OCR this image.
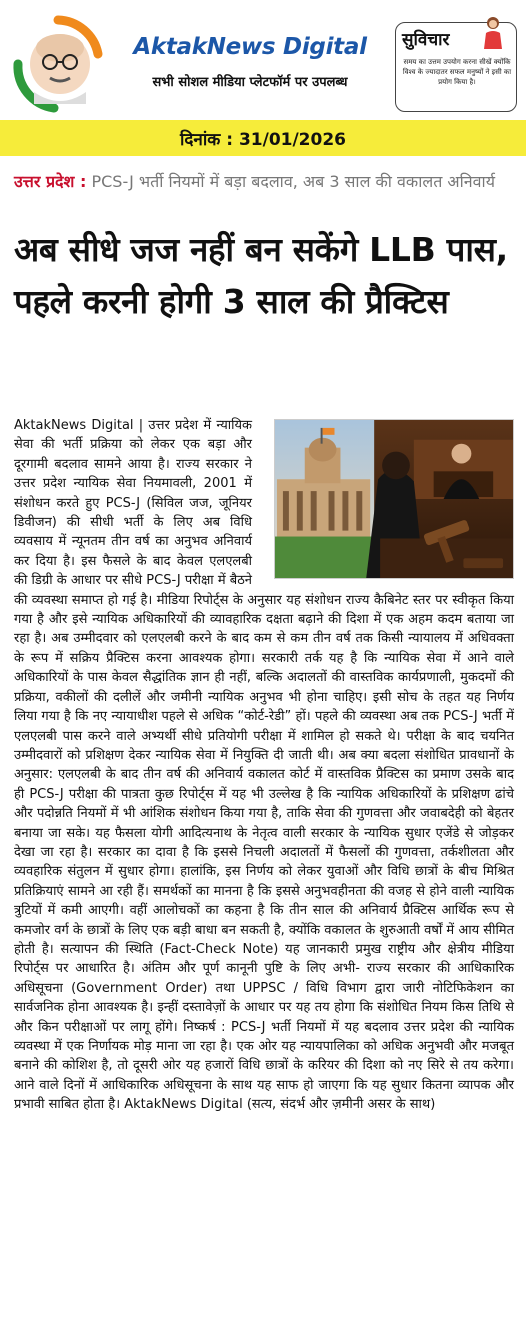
AktakNews Digital
सभी सोशल मीडिया प्लेटफॉर्म पर उपलब्ध
सुविचार
समय का उत्तम उपयोग करना सीखें क्योंकि विश्व के ज्यादातर सफल मनुष्यों ने इसी का प्रयोग किया है।
दिनांक : 31/01/2026
उत्तर प्रदेश : PCS-J भर्ती नियमों में बड़ा बदलाव, अब 3 साल की वकालत अनिवार्य
अब सीधे जज नहीं बन सकेंगे LLB पास, पहले करनी होगी 3 साल की प्रैक्टिस
AktakNews Digital | उत्तर प्रदेश में न्यायिक सेवा की भर्ती प्रक्रिया को लेकर एक बड़ा और दूरगामी बदलाव सामने आया है। राज्य सरकार ने उत्तर प्रदेश न्यायिक सेवा नियमावली, 2001 में संशोधन करते हुए PCS-J (सिविल जज, जूनियर डिवीजन) की सीधी भर्ती के लिए अब विधि व्यवसाय में न्यूनतम तीन वर्ष का अनुभव अनिवार्य कर दिया है। इस फैसले के बाद केवल एलएलबी की डिग्री के आधार पर सीधे PCS-J परीक्षा में बैठने की व्यवस्था समाप्त हो गई है। मीडिया रिपोर्ट्स के अनुसार यह संशोधन राज्य कैबिनेट स्तर पर स्वीकृत किया गया है और इसे न्यायिक अधिकारियों की व्यावहारिक दक्षता बढ़ाने की दिशा में एक अहम कदम बताया जा रहा है। अब उम्मीदवार को एलएलबी करने के बाद कम से कम तीन वर्ष तक किसी न्यायालय में अधिवक्ता के रूप में सक्रिय प्रैक्टिस करना आवश्यक होगा। सरकारी तर्क यह है कि न्यायिक सेवा में आने वाले अधिकारियों के पास केवल सैद्धांतिक ज्ञान ही नहीं, बल्कि अदालतों की वास्तविक कार्यप्रणाली, मुकदमों की प्रक्रिया, वकीलों की दलीलें और जमीनी न्यायिक अनुभव भी होना चाहिए। इसी सोच के तहत यह निर्णय लिया गया है कि नए न्यायाधीश पहले से अधिक “कोर्ट-रेडी” हों। पहले की व्यवस्था अब तक PCS-J भर्ती में एलएलबी पास करने वाले अभ्यर्थी सीधे प्रतियोगी परीक्षा में शामिल हो सकते थे। परीक्षा के बाद चयनित उम्मीदवारों को प्रशिक्षण देकर न्यायिक सेवा में नियुक्ति दी जाती थी। अब क्या बदला संशोधित प्रावधानों के अनुसार: एलएलबी के बाद तीन वर्ष की अनिवार्य वकालत कोर्ट में वास्तविक प्रैक्टिस का प्रमाण उसके बाद ही PCS-J परीक्षा की पात्रता कुछ रिपोर्ट्स में यह भी उल्लेख है कि न्यायिक अधिकारियों के प्रशिक्षण ढांचे और पदोन्नति नियमों में भी आंशिक संशोधन किया गया है, ताकि सेवा की गुणवत्ता और जवाबदेही को बेहतर बनाया जा सके। यह फैसला योगी आदित्यनाथ के नेतृत्व वाली सरकार के न्यायिक सुधार एजेंडे से जोड़कर देखा जा रहा है। सरकार का दावा है कि इससे निचली अदालतों में फैसलों की गुणवत्ता, तर्कशीलता और व्यवहारिक संतुलन में सुधार होगा। हालांकि, इस निर्णय को लेकर युवाओं और विधि छात्रों के बीच मिश्रित प्रतिक्रियाएं सामने आ रही हैं। समर्थकों का मानना है कि इससे अनुभवहीनता की वजह से होने वाली न्यायिक त्रुटियों में कमी आएगी। वहीं आलोचकों का कहना है कि तीन साल की अनिवार्य प्रैक्टिस आर्थिक रूप से कमजोर वर्ग के छात्रों के लिए एक बड़ी बाधा बन सकती है, क्योंकि वकालत के शुरुआती वर्षों में आय सीमित होती है। सत्यापन की स्थिति (Fact-Check Note) यह जानकारी प्रमुख राष्ट्रीय और क्षेत्रीय मीडिया रिपोर्ट्स पर आधारित है। अंतिम और पूर्ण कानूनी पुष्टि के लिए अभी- राज्य सरकार की आधिकारिक अधिसूचना (Government Order) तथा UPPSC / विधि विभाग द्वारा जारी नोटिफिकेशन का सार्वजनिक होना आवश्यक है। इन्हीं दस्तावेज़ों के आधार पर यह तय होगा कि संशोधित नियम किस तिथि से और किन परीक्षाओं पर लागू होंगे। निष्कर्ष : PCS-J भर्ती नियमों में यह बदलाव उत्तर प्रदेश की न्यायिक व्यवस्था में एक निर्णायक मोड़ माना जा रहा है। एक ओर यह न्यायपालिका को अधिक अनुभवी और मजबूत बनाने की कोशिश है, तो दूसरी ओर यह हजारों विधि छात्रों के करियर की दिशा को नए सिरे से तय करेगा। आने वाले दिनों में आधिकारिक अधिसूचना के साथ यह साफ हो जाएगा कि यह सुधार कितना व्यापक और प्रभावी साबित होता है। AktakNews Digital (सत्य, संदर्भ और ज़मीनी असर के साथ)
